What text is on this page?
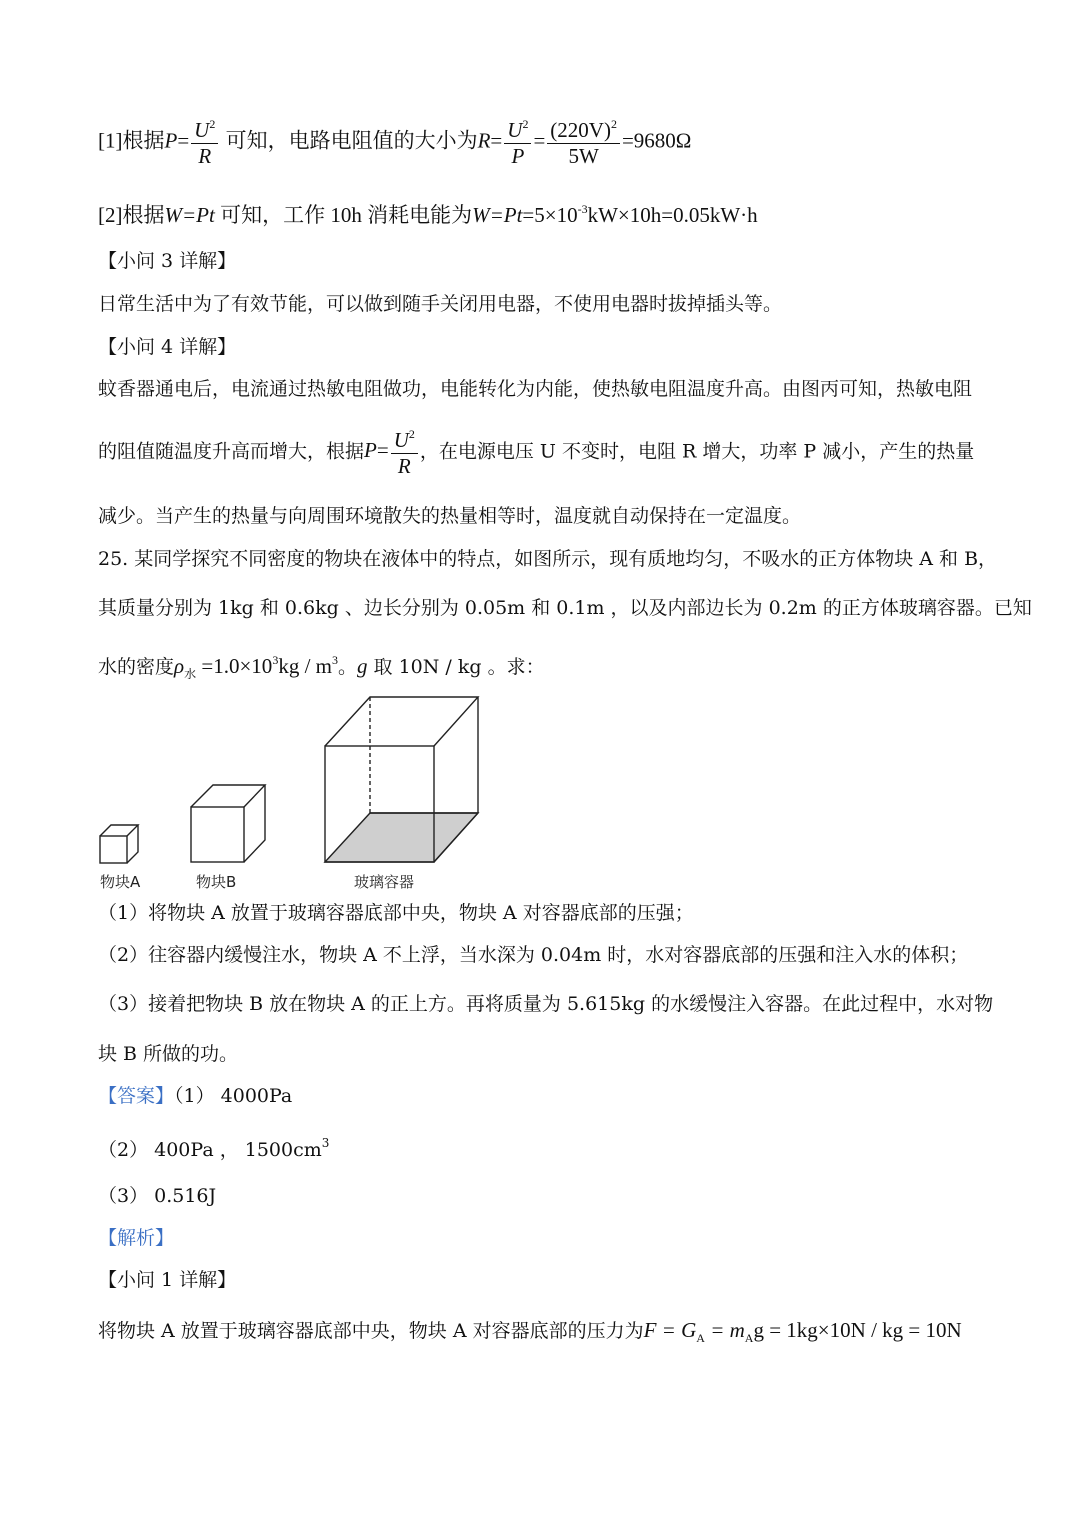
[1]根据$P= \frac{U^2}{R}$ 可知，电路电阻值的大小为$R= \frac{U^2}{P} = \frac{(220V)^2}{5W} =9680\Omega$
[2]根据W=Pt 可知，工作 10h 消耗电能为$W=Pt=5\times 10^{-3}kW\times 10h=0.05kW\cdot h$
【小问 3 详解】
日常生活中为了有效节能，可以做到随手关闭用电器，不使用电器时拔掉插头等。
【小问 4 详解】
蚊香器通电后，电流通过热敏电阻做功，电能转化为内能，使热敏电阻温度升高。由图丙可知，热敏电阻
的阻值随温度升高而增大，根据$P= \frac{U^2}{R}$ ，在电源电压 U 不变时，电阻 R 增大，功率 P 减小，产生的热量
减少。当产生的热量与向周围环境散失的热量相等时，温度就自动保持在一定温度。
25. 某同学探究不同密度的物块在液体中的特点，如图所示，现有质地均匀，不吸水的正方体物块 A 和 B，
其质量分别为 1kg 和 0.6kg 、边长分别为 0.05m 和 0.1m ，以及内部边长为 0.2m 的正方体玻璃容器。已知
水的密度$\rho_水 =1.0\times 10^3kg / m^3$。g 取 10N / kg 。求：
物块A	物块B	玻璃容器
（1）将物块 A 放置于玻璃容器底部中央，物块 A 对容器底部的压强；
（2）往容器内缓慢注水，物块 A 不上浮，当水深为 0.04m 时，水对容器底部的压强和注入水的体积；
（3）接着把物块 B 放在物块 A 的正上方。再将质量为 5.615kg 的水缓慢注入容器。在此过程中，水对物
块 B 所做的功。
【答案】（1） 4000Pa
（2） 400Pa ， $1500cm^3$
（3） 0.516J
【解析】
【小问 1 详解】
将物块 A 放置于玻璃容器底部中央，物块 A 对容器底部的压力为$F = G_A = m_Ag = 1kg\times 10N$ / kg = 10N
